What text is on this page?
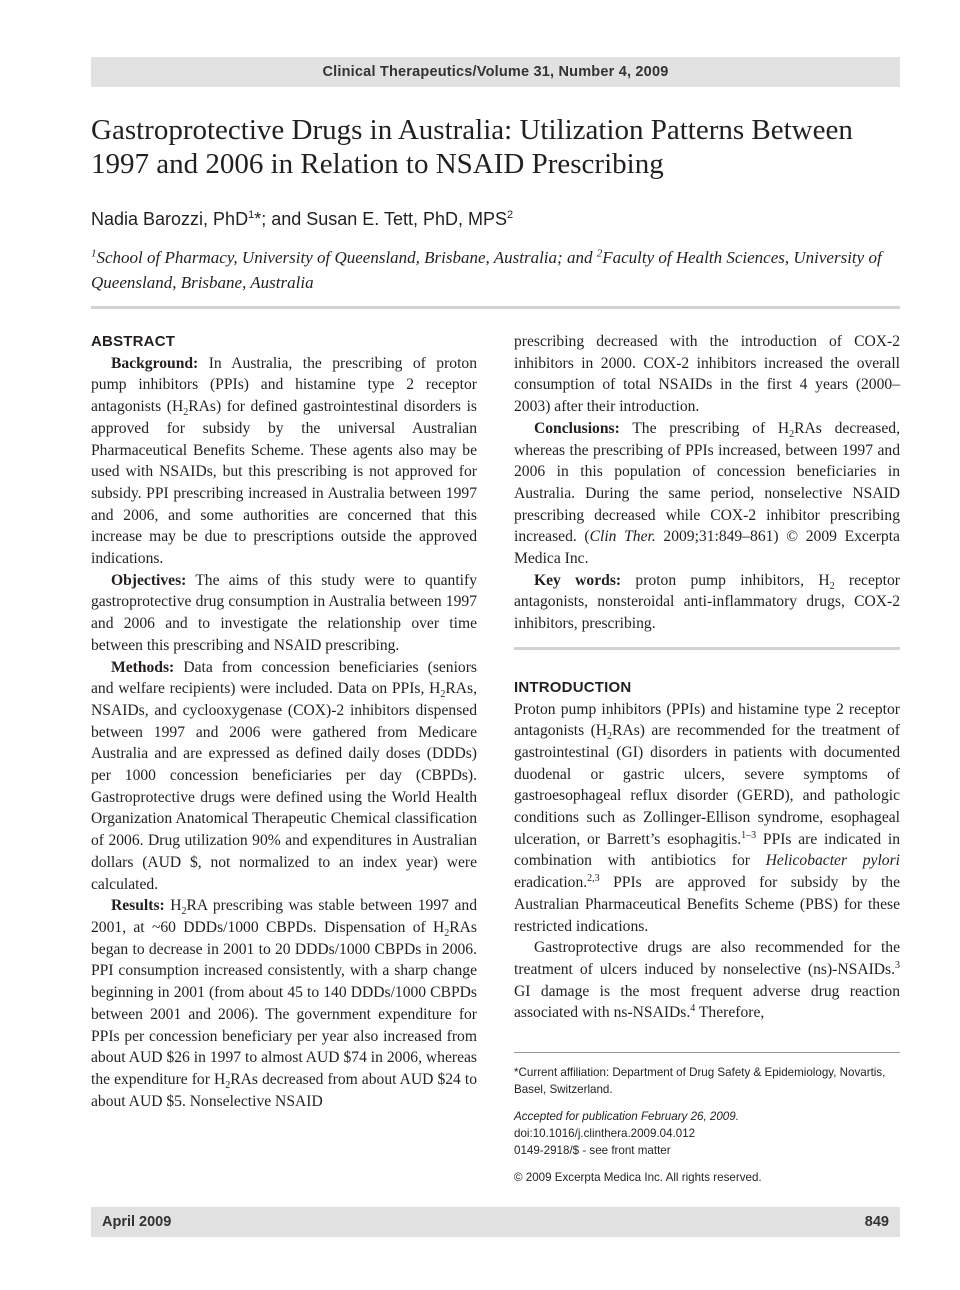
Clinical Therapeutics/Volume 31, Number 4, 2009
Gastroprotective Drugs in Australia: Utilization Patterns Between 1997 and 2006 in Relation to NSAID Prescribing
Nadia Barozzi, PhD$^1$*; and Susan E. Tett, PhD, MPS$^2$
$^1$School of Pharmacy, University of Queensland, Brisbane, Australia; and $^2$Faculty of Health Sciences, University of Queensland, Brisbane, Australia
ABSTRACT

Background: In Australia, the prescribing of proton pump inhibitors (PPIs) and histamine type 2 receptor antagonists $(H_2RAs)$ for defined gastrointestinal disorders is approved for subsidy by the universal Australian Pharmaceutical Benefits Scheme. These agents also may be used with NSAIDs, but this prescribing is not approved for subsidy. PPI prescribing increased in Australia between 1997 and 2006, and some authorities are concerned that this increase may be due to prescriptions outside the approved indications.

Objectives: The aims of this study were to quantify gastroprotective drug consumption in Australia between 1997 and 2006 and to investigate the relationship over time between this prescribing and NSAID prescribing.

Methods: Data from concession beneficiaries (seniors and welfare recipients) were included. Data on PPIs, $H_2RAs$, NSAIDs, and cyclooxygenase (COX)-2 inhibitors dispensed between 1997 and 2006 were gathered from Medicare Australia and are expressed as defined daily doses (DDDs) per 1000 concession beneficiaries per day (CBPDs). Gastroprotective drugs were defined using the World Health Organization Anatomical Therapeutic Chemical classification of 2006. Drug utilization 90% and expenditures in Australian dollars (AUD $, not normalized to an index year) were calculated.

Results: $H_2RA$ prescribing was stable between 1997 and 2001, at ~60 DDDs/1000 CBPDs. Dispensation of $H_2RAs$ began to decrease in 2001 to 20 DDDs/1000 CBPDs in 2006. PPI consumption increased consistently, with a sharp change beginning in 2001 (from about 45 to 140 DDDs/1000 CBPDs between 2001 and 2006). The government expenditure for PPIs per concession beneficiary per year also increased from about AUD $26 in 1997 to almost AUD $74 in 2006, whereas the expenditure for $H_2RAs$ decreased from about AUD $24 to about AUD $5. Nonselective NSAID

prescribing decreased with the introduction of COX-2 inhibitors in 2000. COX-2 inhibitors increased the overall consumption of total NSAIDs in the first 4 years (2000–2003) after their introduction.

Conclusions: The prescribing of $H_2RAs$ decreased, whereas the prescribing of PPIs increased, between 1997 and 2006 in this population of concession beneficiaries in Australia. During the same period, nonselective NSAID prescribing decreased while COX-2 inhibitor prescribing increased. (Clin Ther. 2009;31:849–861) © 2009 Excerpta Medica Inc.

Key words: proton pump inhibitors, $H_2$ receptor antagonists, nonsteroidal anti-inflammatory drugs, COX-2 inhibitors, prescribing.

INTRODUCTION

Proton pump inhibitors (PPIs) and histamine type 2 receptor antagonists $(H_2RAs)$ are recommended for the treatment of gastrointestinal (GI) disorders in patients with documented duodenal or gastric ulcers, severe symptoms of gastroesophageal reflux disorder (GERD), and pathologic conditions such as Zollinger-Ellison syndrome, esophageal ulceration, or Barrett’s esophagitis.$^{1-3}$ PPIs are indicated in combination with antibiotics for Helicobacter pylori eradication.$^{2,3}$ PPIs are approved for subsidy by the Australian Pharmaceutical Benefits Scheme (PBS) for these restricted indications.

Gastroprotective drugs are also recommended for the treatment of ulcers induced by nonselective (ns)-NSAIDs.$^3$ GI damage is the most frequent adverse drug reaction associated with ns-NSAIDs.$^4$ Therefore,

*Current affiliation: Department of Drug Safety & Epidemiology, Novartis, Basel, Switzerland.

Accepted for publication February 26, 2009.

doi:10.1016/j.clinthera.2009.04.012

0149-2918/$ - see front matter

© 2009 Excerpta Medica Inc. All rights reserved.

April 2009	849
